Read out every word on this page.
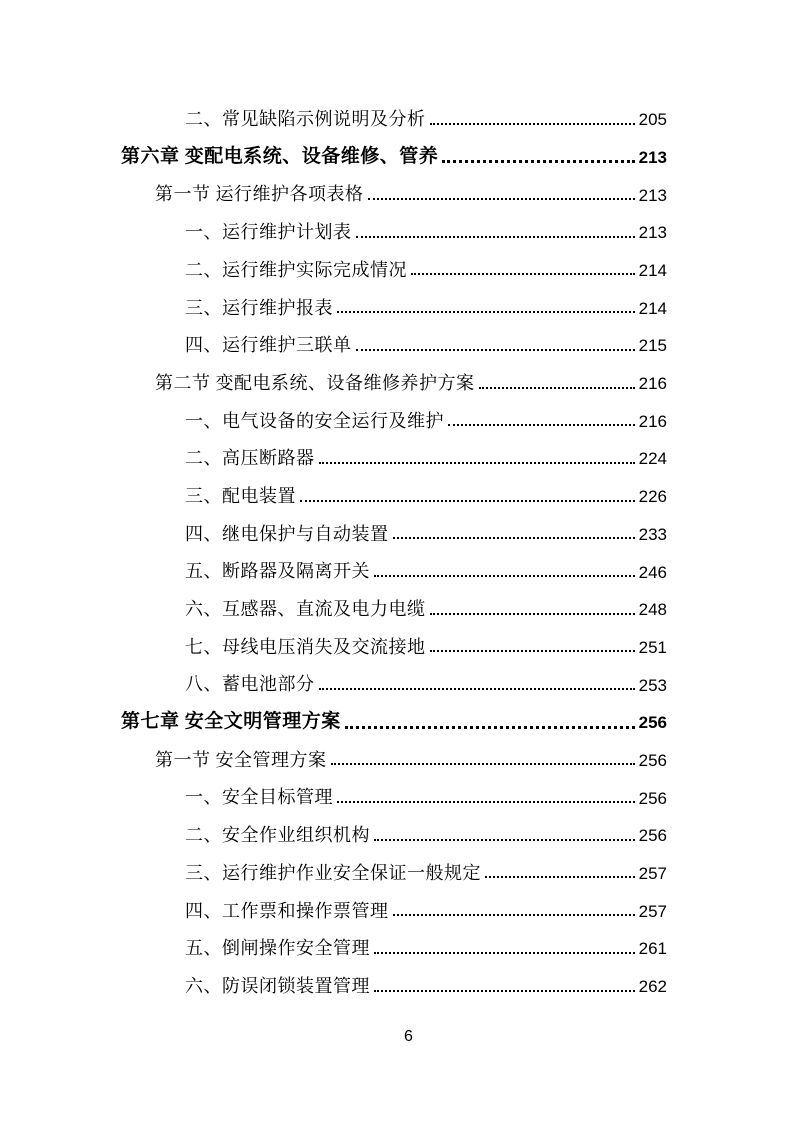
二、常见缺陷示例说明及分析	205
第六章 变配电系统、设备维修、管养	213
第一节 运行维护各项表格	213
一、运行维护计划表	213
二、运行维护实际完成情况	214
三、运行维护报表	214
四、运行维护三联单	215
第二节 变配电系统、设备维修养护方案	216
一、电气设备的安全运行及维护	216
二、高压断路器	224
三、配电装置	226
四、继电保护与自动装置	233
五、断路器及隔离开关	246
六、互感器、直流及电力电缆	248
七、母线电压消失及交流接地	251
八、蓄电池部分	253
第七章 安全文明管理方案	256
第一节 安全管理方案	256
一、安全目标管理	256
二、安全作业组织机构	256
三、运行维护作业安全保证一般规定	257
四、工作票和操作票管理	257
五、倒闸操作安全管理	261
六、防误闭锁装置管理	262
6
